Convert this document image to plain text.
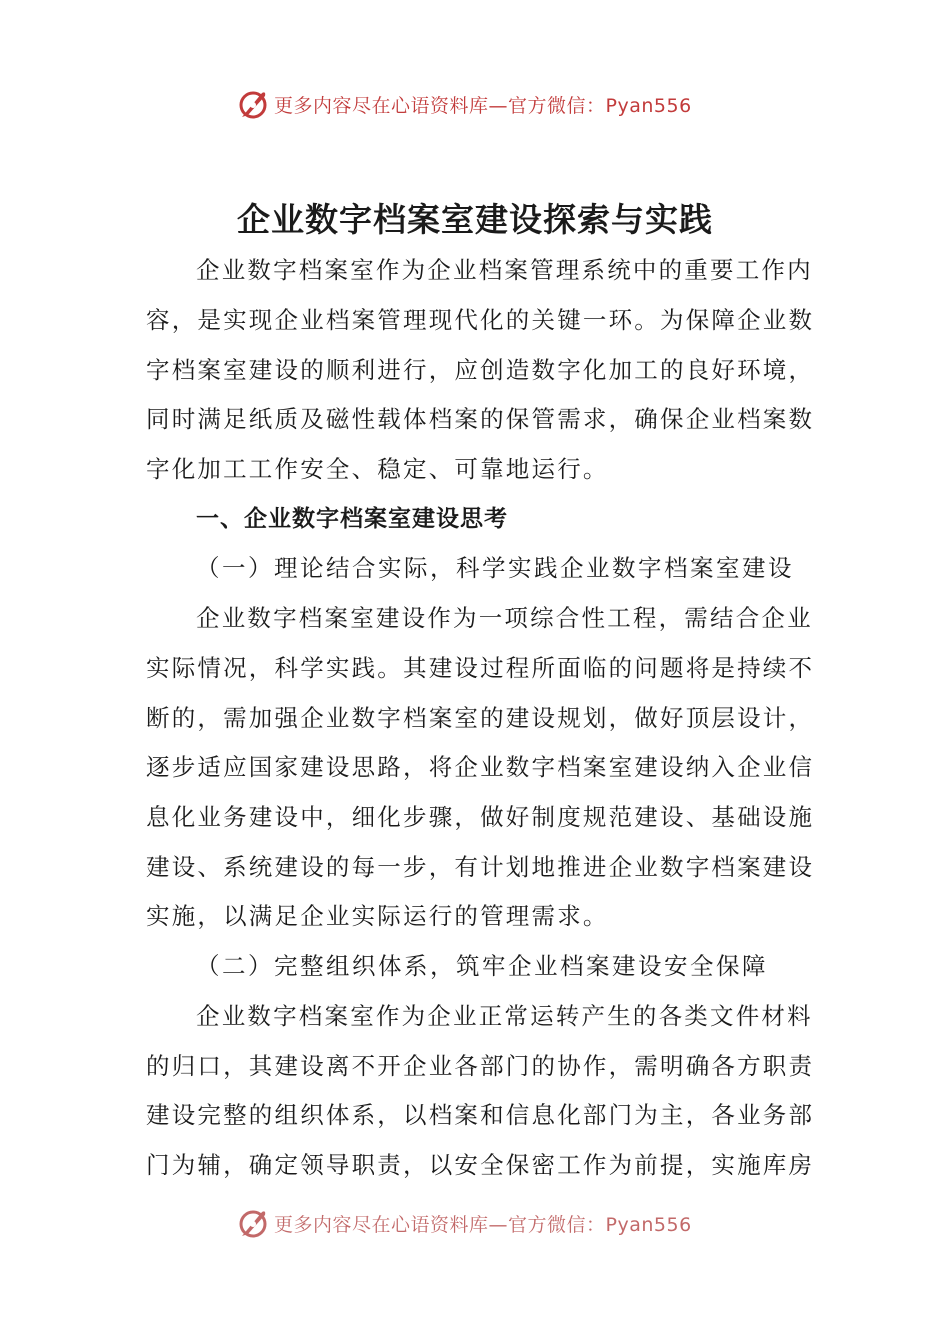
更多内容尽在心语资料库—官方微信：Pyan556
企业数字档案室建设探索与实践
企业数字档案室作为企业档案管理系统中的重要工作内
容，是实现企业档案管理现代化的关键一环。为保障企业数
字档案室建设的顺利进行，应创造数字化加工的良好环境，
同时满足纸质及磁性载体档案的保管需求，确保企业档案数
字化加工工作安全、稳定、可靠地运行。
一、企业数字档案室建设思考
（一）理论结合实际，科学实践企业数字档案室建设
企业数字档案室建设作为一项综合性工程，需结合企业
实际情况，科学实践。其建设过程所面临的问题将是持续不
断的，需加强企业数字档案室的建设规划，做好顶层设计，
逐步适应国家建设思路，将企业数字档案室建设纳入企业信
息化业务建设中，细化步骤，做好制度规范建设、基础设施
建设、系统建设的每一步，有计划地推进企业数字档案建设
实施，以满足企业实际运行的管理需求。
（二）完整组织体系，筑牢企业档案建设安全保障
企业数字档案室作为企业正常运转产生的各类文件材料
的归口，其建设离不开企业各部门的协作，需明确各方职责
建设完整的组织体系，以档案和信息化部门为主，各业务部
门为辅，确定领导职责，以安全保密工作为前提，实施库房
更多内容尽在心语资料库—官方微信：Pyan556
